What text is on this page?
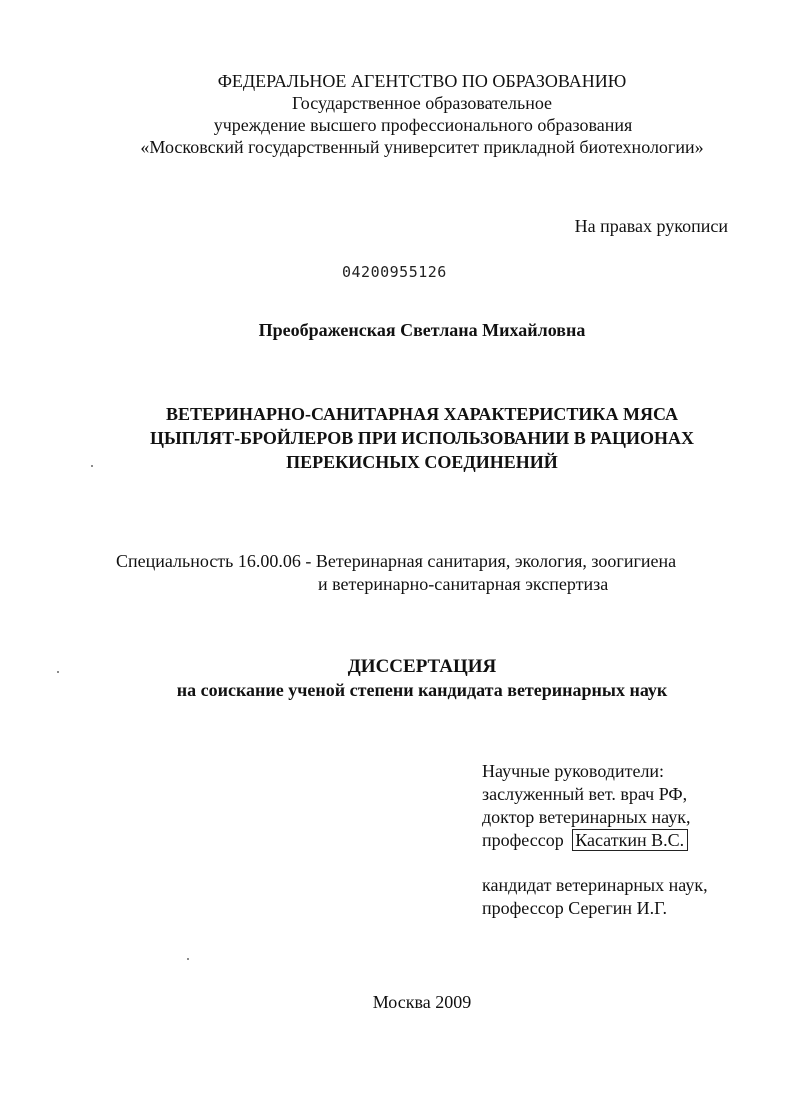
ФЕДЕРАЛЬНОЕ АГЕНТСТВО ПО ОБРАЗОВАНИЮ
Государственное образовательное
учреждение высшего профессионального образования
«Московский государственный университет прикладной биотехнологии»
На правах рукописи
04200955126
Преображенская Светлана Михайловна
ВЕТЕРИНАРНО-САНИТАРНАЯ ХАРАКТЕРИСТИКА МЯСА
ЦЫПЛЯТ-БРОЙЛЕРОВ ПРИ ИСПОЛЬЗОВАНИИ В РАЦИОНАХ
ПЕРЕКИСНЫХ СОЕДИНЕНИЙ
Специальность 16.00.06 - Ветеринарная санитария, экология, зоогигиена
и ветеринарно-санитарная экспертиза
ДИССЕРТАЦИЯ
на соискание ученой степени кандидата ветеринарных наук
Научные руководители:
заслуженный вет. врач РФ,
доктор ветеринарных наук,
профессор Касаткин В.С.
кандидат ветеринарных наук,
профессор Серегин И.Г.
Москва 2009
